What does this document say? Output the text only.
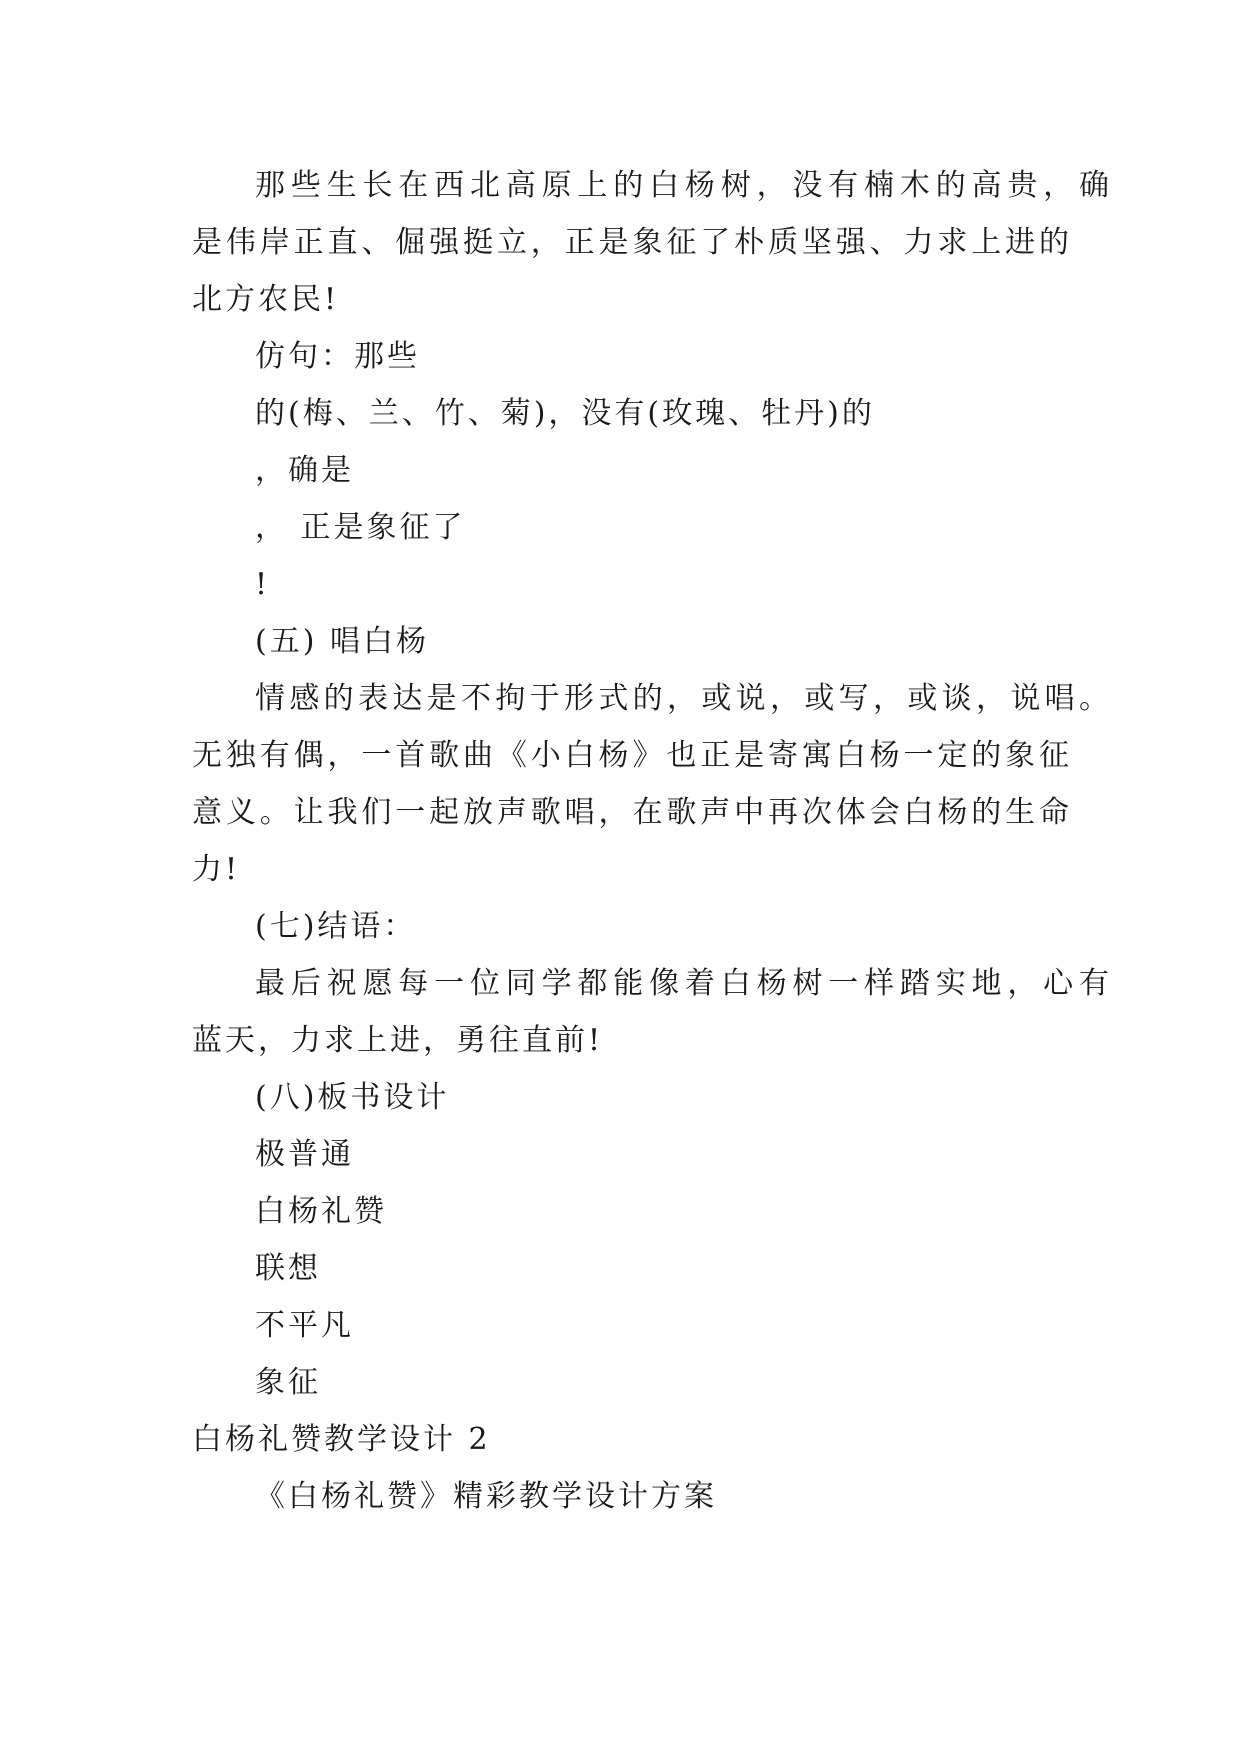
那些生长在西北高原上的白杨树，没有楠木的高贵，确
是伟岸正直、倔强挺立，正是象征了朴质坚强、力求上进的
北方农民!
仿句：那些
的(梅、兰、竹、菊)，没有(玫瑰、牡丹)的
，确是
， 正是象征了
!
(五) 唱白杨
情感的表达是不拘于形式的，或说，或写，或谈，说唱。
无独有偶，一首歌曲《小白杨》也正是寄寓白杨一定的象征
意义。让我们一起放声歌唱，在歌声中再次体会白杨的生命
力!
(七)结语：
最后祝愿每一位同学都能像着白杨树一样踏实地，心有
蓝天，力求上进，勇往直前!
(八)板书设计
极普通
白杨礼赞
联想
不平凡
象征
白杨礼赞教学设计 2
《白杨礼赞》精彩教学设计方案
